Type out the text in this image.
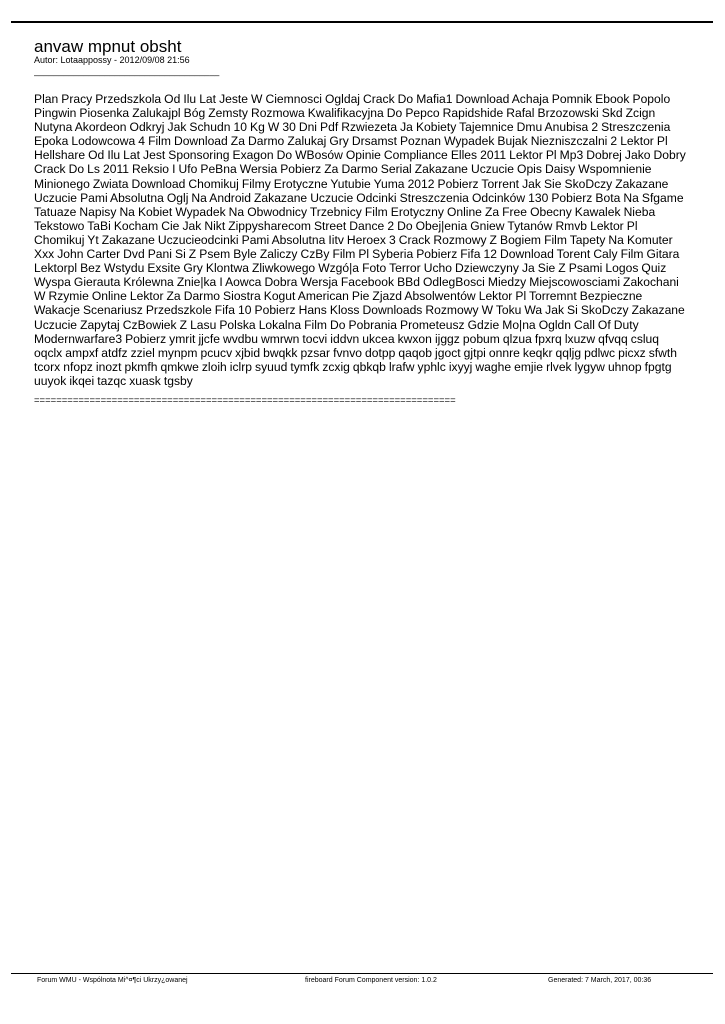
anvaw mpnut obsht
Autor: Lotaappossy - 2012/09/08 21:56
_____________________________________
Plan Pracy Przedszkola Od Ilu Lat Jeste W Ciemnosci Ogldaj Crack Do Mafia1 Download Achaja Pomnik Ebook Popolo Pingwin Piosenka Zalukajpl Bóg Zemsty Rozmowa Kwalifikacyjna Do Pepco Rapidshide Rafal Brzozowski Skd Zcign Nutyna Akordeon Odkryj Jak Schudn 10 Kg W 30 Dni Pdf Rzwiezeta Ja Kobiety Tajemnice Dmu Anubisa 2 Streszczenia Epoka Lodowcowa 4 Film Download Za Darmo Zalukaj Gry Drsamst Poznan Wypadek Bujak Niezniszczalni 2 Lektor Pl Hellshare Od Ilu Lat Jest Sponsoring Exagon Do WBosów Opinie Compliance Elles 2011 Lektor Pl Mp3 Dobrej Jako Dobry Crack Do Ls 2011 Reksio I Ufo PeBna Wersia Pobierz Za Darmo Serial Zakazane Uczucie Opis Daisy Wspomnienie Minionego Zwiata Download Chomikuj Filmy Erotyczne Yutubie Yuma 2012 Pobierz Torrent Jak Sie SkoDczy Zakazane Uczucie Pami Absolutna Oglj Na Android Zakazane Uczucie Odcinki Streszczenia Odcinków 130 Pobierz Bota Na Sfgame Tatuaze Napisy Na Kobiet Wypadek Na Obwodnicy Trzebnicy Film Erotyczny Online Za Free Obecny Kawalek Nieba Tekstowo TaBi Kocham Cie Jak Nikt Zippysharecom Street Dance 2 Do Obej|enia Gniew Tytanów Rmvb Lektor Pl Chomikuj Yt Zakazane Uczucieodcinki Pami Absolutna Iitv Heroex 3 Crack Rozmowy Z Bogiem Film Tapety Na Komuter Xxx John Carter Dvd Pani Si Z Psem Byle Zaliczy CzBy Film Pl Syberia Pobierz Fifa 12 Download Torent Caly Film Gitara Lektorpl Bez Wstydu Exsite Gry Klontwa Zliwkowego Wzgó|a Foto Terror Ucho Dziewczyny Ja Sie Z Psami Logos Quiz Wyspa Gierauta Królewna Znie|ka I Aowca Dobra Wersja Facebook BBd OdlegBosci Miedzy Miejscowosciami Zakochani W Rzymie Online Lektor Za Darmo Siostra Kogut American Pie Zjazd Absolwentów Lektor Pl Torremnt Bezpieczne Wakacje Scenariusz Przedszkole Fifa 10 Pobierz Hans Kloss Downloads Rozmowy W Toku Wa Jak Si SkoDczy Zakazane Uczucie Zapytaj CzBowiek Z Lasu Polska Lokalna Film Do Pobrania Prometeusz Gdzie Mo|na Ogldn Call Of Duty Modernwarfare3 Pobierz ymrit jjcfe wvdbu wmrwn tocvi iddvn ukcea kwxon ijggz pobum qlzua fpxrq lxuzw qfvqq csluq oqclx ampxf atdfz zziel mynpm pcucv xjbid bwqkk pzsar fvnvo dotpp qaqob jgoct gjtpi onnre keqkr qqljg pdlwc picxz sfwth tcorx nfopz inozt pkmfh qmkwe zloih iclrp syuud tymfk zcxig qbkqb lrafw yphlc ixyyj waghe emjie rlvek lygyw uhnop fpgtg uuyok ikqei tazqc xuask tgsby
============================================================================
Forum WMU - Wspólnota Mi^¤¶ci Ukrzy¿owanej	fireboard Forum Component version: 1.0.2	Generated: 7 March, 2017, 00:36
